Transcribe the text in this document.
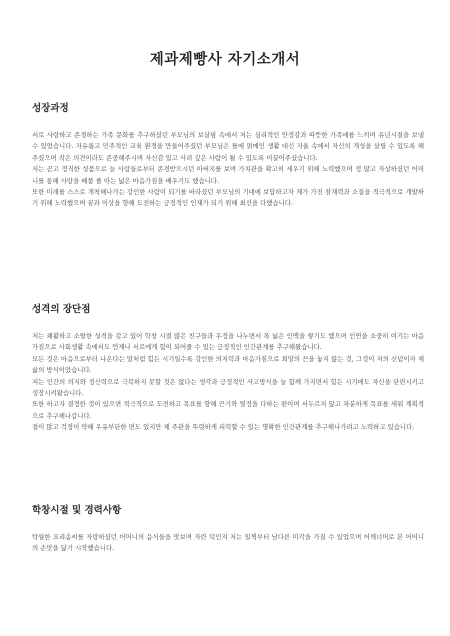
제과제빵사 자기소개서
성장과정

서로 사랑하고 존경하는 가족 문화를 추구하셨던 부모님의 보살핌 속에서 저는 심리적인 안정감과 따뜻한 가족애를 느끼며 유년시절을 보낼 수 있었습니다. 자유롭고 민주적인 교육 환경을 만들어주셨던 부모님은 틀에 얽매인 생활 대신 자율 속에서 자신의 개성을 살릴 수 있도록 해주셨으며 작은 의견이라도 존중해주시며 자신감 있고 사려 깊은 사람이 될 수 있도록 이끌어주셨습니다.

저는 곧고 정직한 성품으로 늘 사람들로부터 존경받으시던 아버지를 보며 가치관을 확고히 세우기 위해 노력했으며 정 많고 자상하셨던 어머니를 통해 사랑을 베풀 줄 아는 넓은 마음가짐을 배우기도 했습니다.

또한 미래를 스스로 개척해나가는 강인한 사람이 되기를 바라셨던 부모님의 기대에 보답하고자 제가 가진 잠재력과 소질을 적극적으로 개발하기 위해 노력했으며 꿈과 이상을 향해 도전하는 긍정적인 인재가 되기 위해 최선을 다했습니다.

성격의 장단점

저는 쾌활하고 소탈한 성격을 갖고 있어 학창 시절 많은 친구들과 우정을 나누면서 폭 넓은 인맥을 쌓기도 했으며 인연을 소중히 여기는 마음가짐으로 사회생활 속에서도 언제나 서로에게 힘이 되어줄 수 있는 긍정적인 인간관계를 추구해왔습니다.

모든 것은 마음으로부터 나온다는 말처럼 힘든 시기일수록 강인한 의지력과 마음가짐으로 희망의 끈을 놓지 않는 것, 그것이 저의 신념이자 제 삶의 방식이었습니다.

저는 인간의 의지와 정신력으로 극복하지 못할 것은 없다는 생각과 긍정적인 사고방식을 늘 함께 가지면서 힘든 시기에도 자신을 단련시키고 성장시켜왔습니다.

또한 하고자 결정한 것이 있으면 적극적으로 도전하고 목표를 향해 끈기와 열정을 다하는 편이며 서두르지 않고 차분하게 목표를 세워 계획적으로 추구해나갑니다.

결이 많고 걱정이 약해 우유부단한 면도 있지만 제 주관을 뚜렷하게 피력할 수 있는 명확한 인간관계를 추구해나가려고 노력하고 있습니다.

학창시절 및 경력사항

탁월한 요리솜씨를 자랑하셨던 어머니의 음식들을 맛보며 자란 덕인지 저는 일찍부터 남다른 미각을 가질 수 있었으며 어깨너머로 본 어머니의 손맛을 닮기 시작했습니다.
